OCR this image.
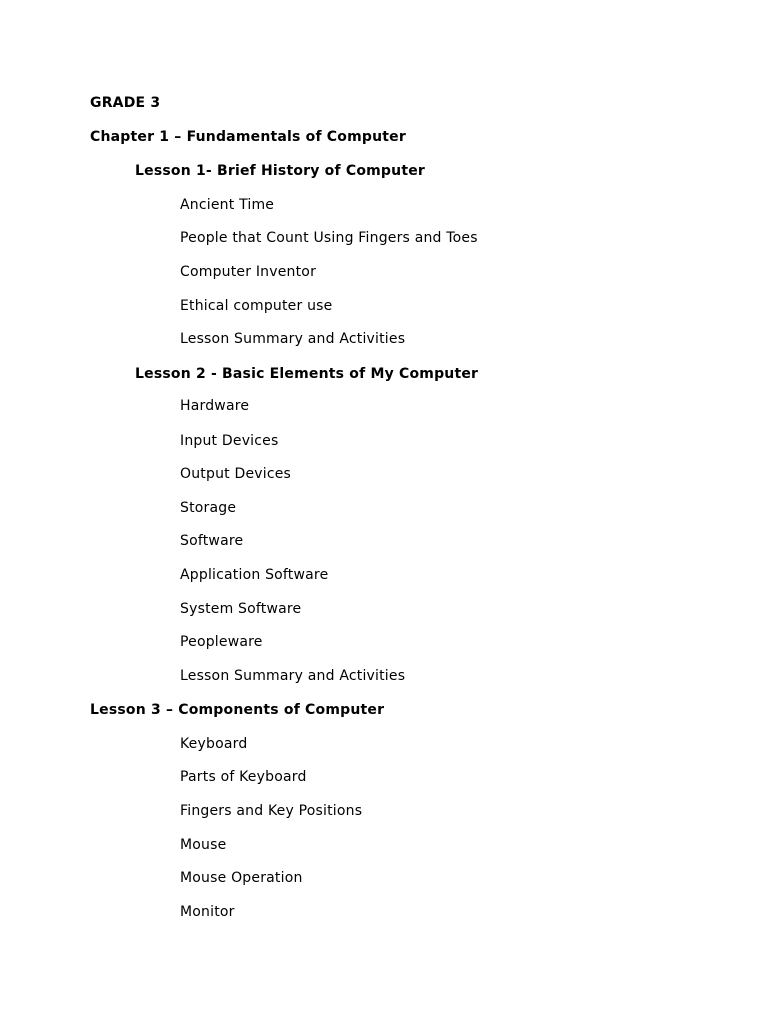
GRADE 3
Chapter 1 – Fundamentals of Computer
Lesson 1- Brief History of Computer
Ancient Time
People that Count Using Fingers and Toes
Computer Inventor
Ethical computer use
Lesson Summary and Activities
Lesson 2 - Basic Elements of My Computer
Hardware
Input Devices
Output Devices
Storage
Software
Application Software
System Software
Peopleware
Lesson Summary and Activities
Lesson 3 – Components of Computer
Keyboard
Parts of Keyboard
Fingers and Key Positions
Mouse
Mouse Operation
Monitor
